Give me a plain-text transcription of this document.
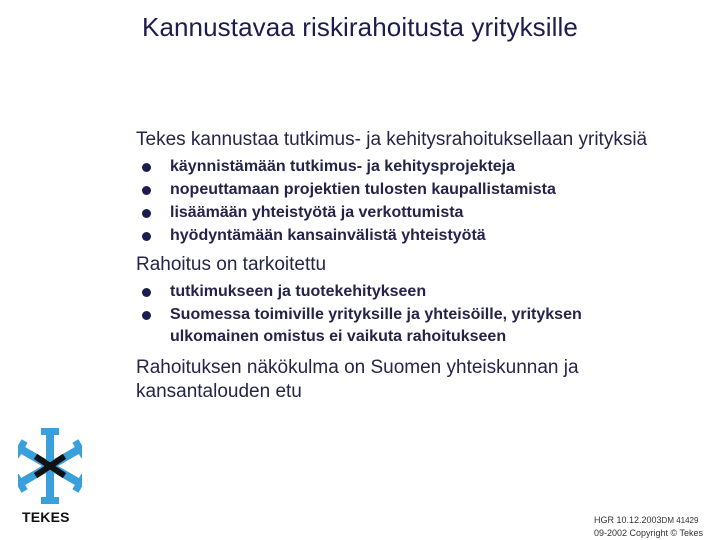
Kannustavaa riskirahoitusta yrityksille
Tekes kannustaa tutkimus- ja kehitysrahoituksellaan yrityksiä
käynnistämään tutkimus- ja kehitysprojekteja
nopeuttamaan projektien tulosten kaupallistamista
lisäämään yhteistyötä ja verkottumista
hyödyntämään kansainvälistä yhteistyötä
Rahoitus on tarkoitettu
tutkimukseen ja tuotekehitykseen
Suomessa toimiville yrityksille ja yhteisöille, yrityksen
ulkomainen omistus ei vaikuta rahoitukseen
Rahoituksen näkökulma on Suomen yhteiskunnan ja
kansantalouden etu
TEKES	HGR 10.12.2003DM 41429
09-2002 Copyright © Tekes
